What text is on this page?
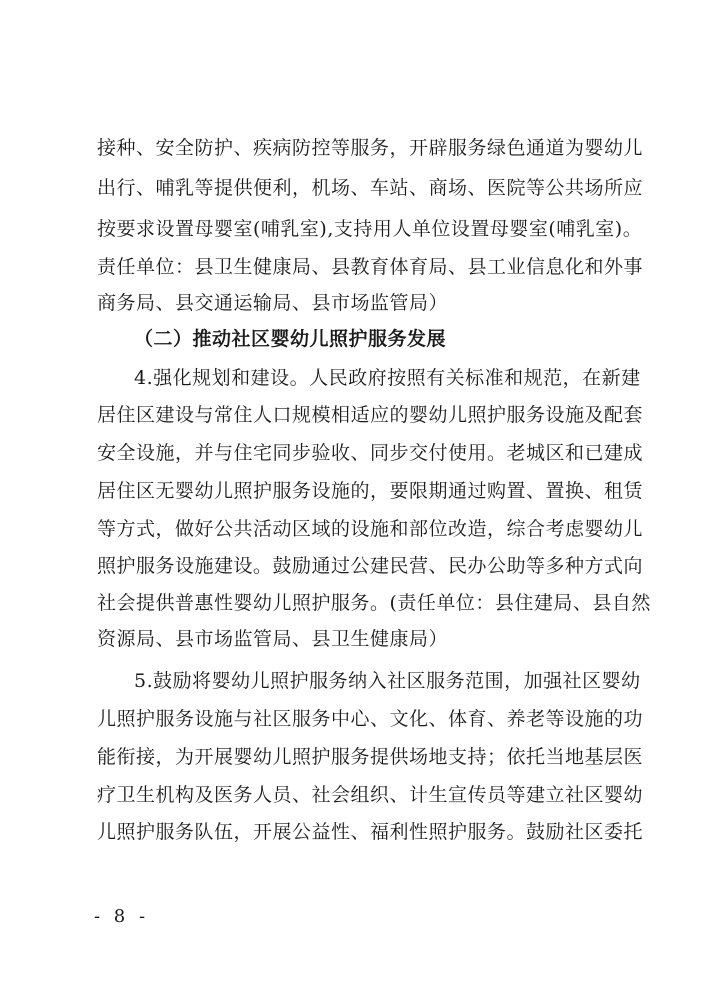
接种、安全防护、疾病防控等服务，开辟服务绿色通道为婴幼儿
出行、哺乳等提供便利，机场、车站、商场、医院等公共场所应
按要求设置母婴室(哺乳室),支持用人单位设置母婴室(哺乳室)。
责任单位：县卫生健康局、县教育体育局、县工业信息化和外事
商务局、县交通运输局、县市场监管局）
（二）推动社区婴幼儿照护服务发展
4.强化规划和建设。人民政府按照有关标准和规范，在新建
居住区建设与常住人口规模相适应的婴幼儿照护服务设施及配套
安全设施，并与住宅同步验收、同步交付使用。老城区和已建成
居住区无婴幼儿照护服务设施的，要限期通过购置、置换、租赁
等方式，做好公共活动区域的设施和部位改造，综合考虑婴幼儿
照护服务设施建设。鼓励通过公建民营、民办公助等多种方式向
社会提供普惠性婴幼儿照护服务。(责任单位：县住建局、县自然
资源局、县市场监管局、县卫生健康局）
5.鼓励将婴幼儿照护服务纳入社区服务范围，加强社区婴幼
儿照护服务设施与社区服务中心、文化、体育、养老等设施的功
能衔接，为开展婴幼儿照护服务提供场地支持；依托当地基层医
疗卫生机构及医务人员、社会组织、计生宣传员等建立社区婴幼
儿照护服务队伍，开展公益性、福利性照护服务。鼓励社区委托
- 8 -
